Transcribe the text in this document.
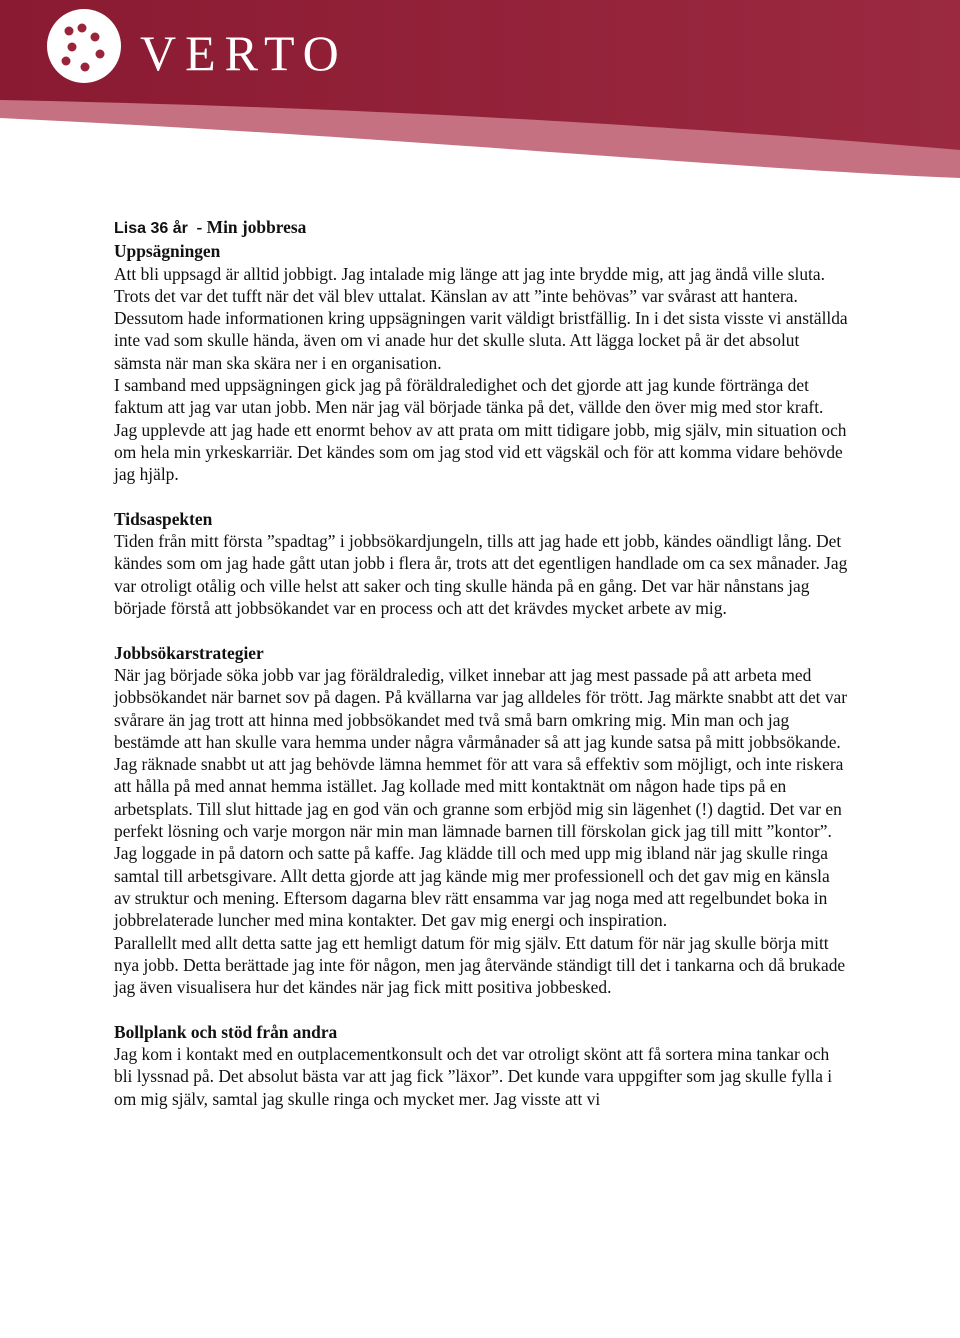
VERTO
Lisa 36 år  - Min jobbresa
Uppsägningen

Att bli uppsagd är alltid jobbigt. Jag intalade mig länge att jag inte brydde mig, att jag ändå ville sluta. Trots det var det tufft när det väl blev uttalat. Känslan av att ”inte behövas” var svårast att hantera.        Dessutom hade informationen kring uppsägningen varit väldigt bristfällig. In i det sista visste vi anställda inte vad som skulle hända, även om vi anade hur det skulle sluta. Att lägga locket på är det absolut sämsta när man ska skära ner i en organisation.

I samband med uppsägningen gick jag på föräldraledighet och det gjorde att jag kunde förtränga det faktum att jag var utan jobb. Men när jag väl började tänka på det, vällde den över mig med stor kraft. Jag upplevde att jag hade ett enormt behov av att prata om mitt tidigare jobb, mig själv, min situation och om hela min yrkeskarriär. Det kändes som om jag stod vid ett vägskäl och för att komma vidare behövde jag hjälp.

Tidsaspekten

Tiden från mitt första ”spadtag” i jobbsökardjungeln, tills att jag hade ett jobb, kändes oändligt lång. Det kändes som om jag hade gått utan jobb i flera år, trots att det egentligen handlade om ca sex månader. Jag var otroligt otålig och ville helst att saker och ting skulle hända på en gång. Det var här nånstans jag började förstå att jobbsökandet var en process och att det krävdes mycket arbete av mig.

Jobbsökarstrategier

När jag började söka jobb var jag föräldraledig, vilket innebar att jag mest passade på att arbeta med jobbsökandet när barnet sov på dagen. På kvällarna var jag alldeles för trött. Jag märkte snabbt att det var svårare än jag trott att hinna med jobbsökandet med två små barn omkring mig. Min man och jag bestämde att han skulle vara hemma under några vårmånader så att jag kunde satsa på mitt jobbsökande.

Jag räknade snabbt ut att jag behövde lämna hemmet för att vara så effektiv som möjligt, och inte riskera att hålla på med annat hemma istället. Jag kollade med mitt kontaktnät om någon hade tips på en arbetsplats. Till slut hittade jag en god vän och granne som erbjöd mig sin lägenhet (!) dagtid. Det var en perfekt lösning och varje morgon när min man lämnade barnen till förskolan gick jag till mitt ”kontor”. Jag loggade in på datorn och satte på kaffe. Jag klädde till och med upp mig ibland när jag skulle ringa samtal till arbetsgivare. Allt detta gjorde att jag kände mig mer professionell och det gav mig en känsla av struktur och mening. Eftersom dagarna blev rätt ensamma var jag noga med att regelbundet boka in jobbrelaterade luncher med mina kontakter. Det gav mig energi och inspiration.

Parallellt med allt detta satte jag ett hemligt datum för mig själv. Ett datum för när jag skulle börja mitt nya jobb. Detta berättade jag inte för någon, men jag återvände ständigt till det i tankarna och då brukade jag även visualisera hur det kändes när jag fick mitt positiva jobbesked.

Bollplank och stöd från andra

Jag kom i kontakt med en outplacementkonsult och det var otroligt skönt att få sortera mina tankar och bli lyssnad på. Det absolut bästa var att jag fick ”läxor”. Det kunde vara uppgifter som jag skulle fylla i om mig själv, samtal jag skulle ringa och mycket mer. Jag visste att vi
